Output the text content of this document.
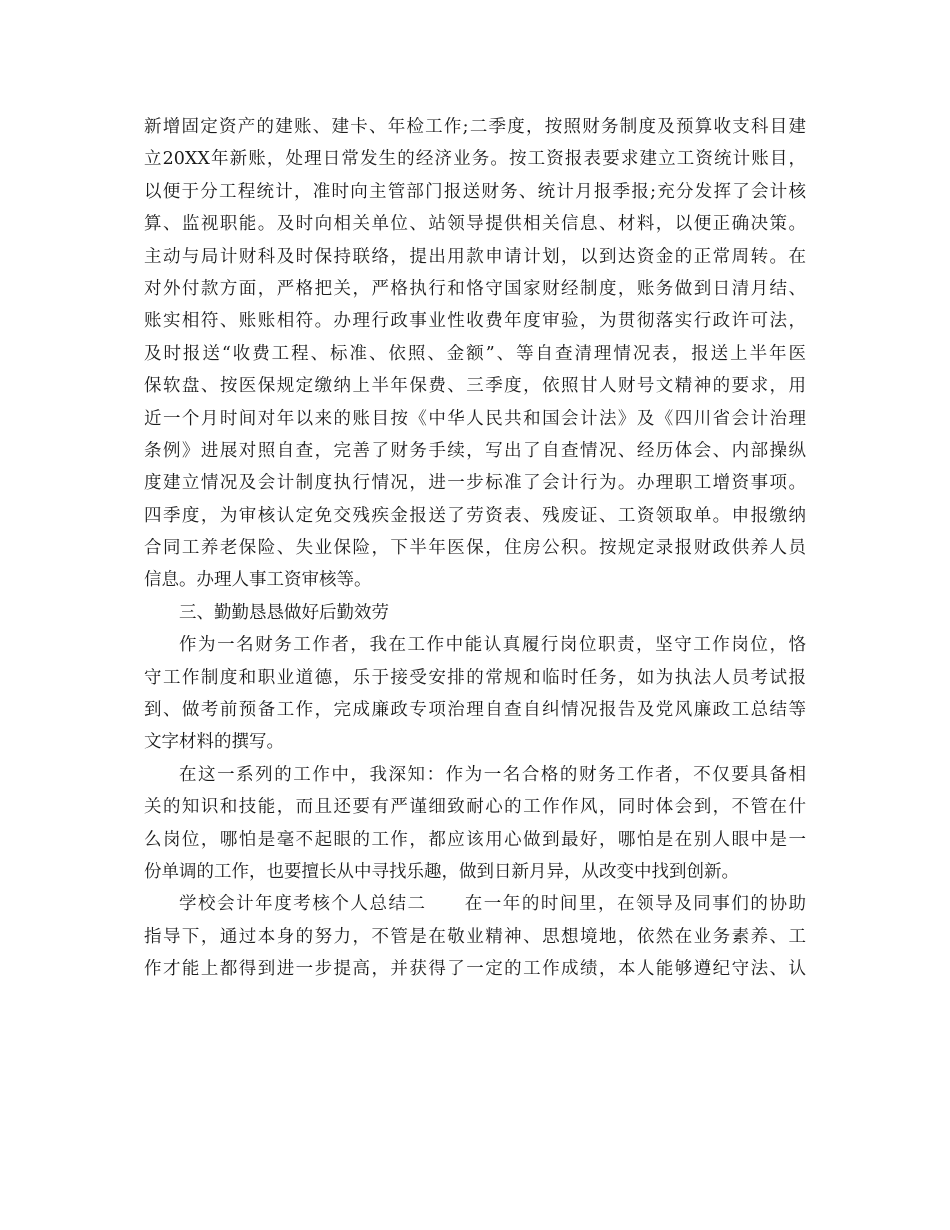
新增固定资产的建账、建卡、年检工作;二季度，按照财务制度及预算收支科目建
立20XX年新账，处理日常发生的经济业务。按工资报表要求建立工资统计账目，
以便于分工程统计，准时向主管部门报送财务、统计月报季报;充分发挥了会计核
算、监视职能。及时向相关单位、站领导提供相关信息、材料，以便正确决策。
主动与局计财科及时保持联络，提出用款申请计划，以到达资金的正常周转。在
对外付款方面，严格把关，严格执行和恪守国家财经制度，账务做到日清月结、
账实相符、账账相符。办理行政事业性收费年度审验，为贯彻落实行政许可法，
及时报送“收费工程、标准、依照、金额”、等自查清理情况表，报送上半年医
保软盘、按医保规定缴纳上半年保费、三季度，依照甘人财号文精神的要求，用
近一个月时间对年以来的账目按《中华人民共和国会计法》及《四川省会计治理
条例》进展对照自查，完善了财务手续，写出了自查情况、经历体会、内部操纵
度建立情况及会计制度执行情况，进一步标准了会计行为。办理职工增资事项。
四季度，为审核认定免交残疾金报送了劳资表、残废证、工资领取单。申报缴纳
合同工养老保险、失业保险，下半年医保，住房公积。按规定录报财政供养人员
信息。办理人事工资审核等。
三、勤勤恳恳做好后勤效劳
作为一名财务工作者，我在工作中能认真履行岗位职责，坚守工作岗位，恪
守工作制度和职业道德，乐于接受安排的常规和临时任务，如为执法人员考试报
到、做考前预备工作，完成廉政专项治理自查自纠情况报告及党风廉政工总结等
文字材料的撰写。
在这一系列的工作中，我深知：作为一名合格的财务工作者，不仅要具备相
关的知识和技能，而且还要有严谨细致耐心的工作作风，同时体会到，不管在什
么岗位，哪怕是毫不起眼的工作，都应该用心做到最好，哪怕是在别人眼中是一
份单调的工作，也要擅长从中寻找乐趣，做到日新月异，从改变中找到创新。
学校会计年度考核个人总结二　　在一年的时间里，在领导及同事们的协助
指导下，通过本身的努力，不管是在敬业精神、思想境地，依然在业务素养、工
作才能上都得到进一步提高，并获得了一定的工作成绩，本人能够遵纪守法、认
